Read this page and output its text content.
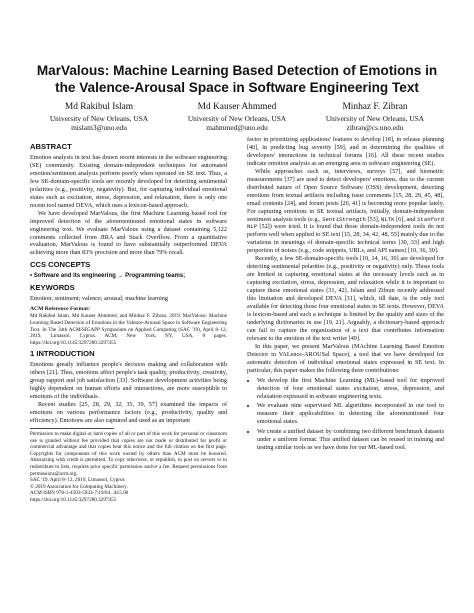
MarValous: Machine Learning Based Detection of Emotions in the Valence-Arousal Space in Software Engineering Text
Md Rakibul Islam
University of New Orleans, USA
mislam3@uno.edu
Md Kauser Ahmmed
University of New Orleans, USA
mahmmed@uno.edu
Minhaz F. Zibran
University of New Orleans, USA
zibran@cs.uno.edu
ABSTRACT

Emotion analysis in text has drawn recent interests in the software engineering (SE) community. Existing domain-independent techniques for automated emotion/sentiment analysis perform poorly when operated on SE text. Thus, a few SE-domain-specific tools are recently developed for detecting sentimental polarities (e.g., positivity, negativity). But, for capturing individual emotional states such as excitation, stress, depression, and relaxation, there is only one recent tool named DEVA, which uses a lexicon-based approach.

We have developed MarValous, the first Machine Learning based tool for improved detection of the aforementioned emotional states in software engineering text. We evaluate MarValous using a dataset containing 5,122 comments collected from JIRA and Stack Overflow. From a quantitative evaluation, MarValous is found to have substantially outperformed DEVA achieving more than 83% precision and more than 79% recall.

CCS CONCEPTS
• Software and its engineering → Programming teams;
KEYWORDS
Emotion; sentiment; valence; arousal; machine learning
ACM Reference Format:
Md Rakibul Islam, Md Kauser Ahmmed, and Minhaz F. Zibran. 2019. MarValous: Machine Learning Based Detection of Emotions in the Valence-Arousal Space in Software Engineering Text. In The 34th ACM/SIGAPP Symposium on Applied Computing (SAC '19), April 8–12, 2019, Limassol, Cyprus. ACM, New York, NY, USA, 8 pages. https://doi.org/10.1145/3297280.3297455
1 INTRODUCTION

Emotions greatly influence people's decision making and collaboration with others [21]. Thus, emotions affect people's task quality, productivity, creativity, group rapport and job satisfaction [33]. Software development activities being highly dependent on human efforts and interactions, are more susceptible to emotions of the individuals.

Recent studies [25, 28, 29, 32, 35, 39, 57] examined the impacts of emotions on various performance factors (e.g., productivity, quality and efficiency). Emotions are also captured and used as an important

Permission to make digital or hard copies of all or part of this work for personal or classroom use is granted without fee provided that copies are not made or distributed for profit or commercial advantage and that copies bear this notice and the full citation on the first page. Copyrights for components of this work owned by others than ACM must be honored. Abstracting with credit is permitted. To copy otherwise, or republish, to post on servers or to redistribute to lists, requires prior specific permission and/or a fee. Request permissions from permissions@acm.org.
SAC '19, April 8–12, 2019, Limassol, Cyprus
© 2019 Association for Computing Machinery.
ACM ISBN 978-1-4503-5933-7/19/04...$15.00
https://doi.org/10.1145/3297280.3297455

factor in prioritizing applications' features to develop [18], in release planning [40], in predicting bug severity [59], and in determining the qualities of developers' interactions in technical forums [16]. All these recent studies indicate emotion analysis as an emerging area in software engineering (SE).

While approaches such as, interviews, surveys [57], and biometric measurements [37] are used to detect developers' emotions, due to the current distributed nature of Open Source Software (OSS) development, detecting emotions from textual artifacts including issue comments [15, 28, 29, 45, 48], email contents [24], and forum posts [26, 41] is becoming more popular lately. For capturing emotions in SE textual artifacts, initially, domain-independent sentiment analysis tools (e.g., SentiStrength [53], NLTK [6], and Stanford NLP [52]) were tried. It is found that those domain-independent tools do not perform well when applied to SE text [15, 28, 34, 42, 48, 55] mainly due to the variations in meanings of domain-specific technical terms [30, 33] and high proportion of noises (e.g., code snippets, URLs, and API names) [10, 36, 30].

Recently, a few SE-domain-specific tools [10, 14, 16, 30] are developed for detecting sentimental polarities (e.g., positivity or negativity) only. Those tools are limited in capturing emotional states at the necessary levels such as in capturing excitation, stress, depression, and relaxation while it is important to capture these emotional states [31, 42]. Islam and Zibran recently addressed this limitation and developed DEVA [31], which, till date, is the only tool available for detecting those four emotional states in SE texts. However, DEVA is lexicon-based and such a technique is limited by the quality and sizes of the underlying dictionaries in use [19, 21]. Arguably, a dictionary-based approach can fail to capture the organization of a text that contributes information relevant to the emotion of the text writer [49].

In this paper, we present MarValous (MAchine Learning Based Emotion Detector in VALence-AROUSal Space), a tool that we have developed for automatic detection of individual emotional states expressed in SE text. In particular, this paper makes the following three contributions:

• We develop the first Machine Learning (ML)-based tool for improved detection of four emotional states excitation, stress, depression, and relaxation expressed in software engineering texts.
• We evaluate nine supervised ML algorithms incorporated in our tool to measure their applicabilities in detecting the aforementioned four emotional states.
• We create a unified dataset by combining two different benchmark datasets under a uniform format. This unified dataset can be reused in training and testing similar tools as we have done for our ML-based tool.
